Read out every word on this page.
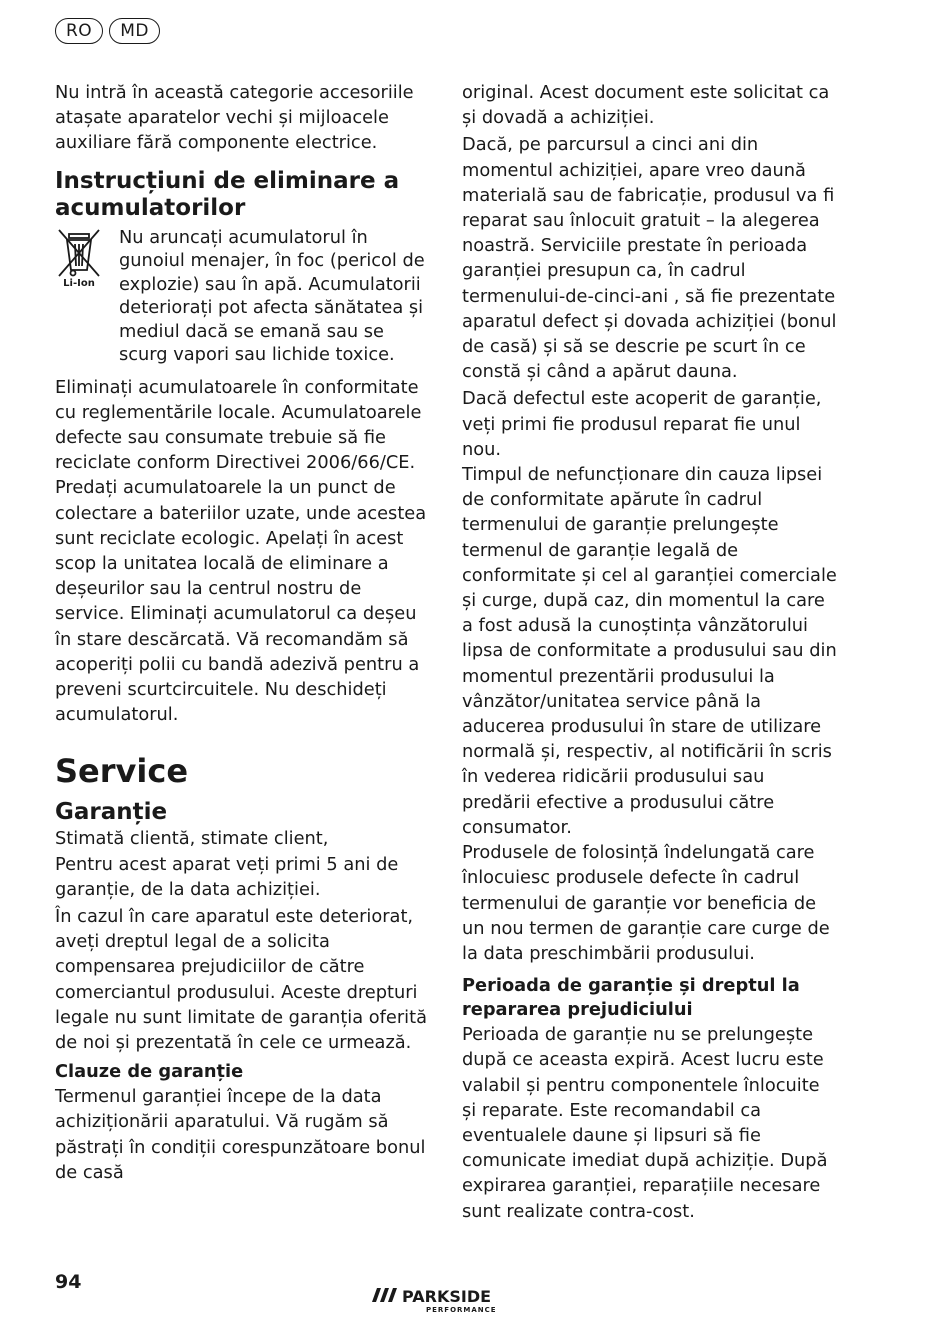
RO	MD

Nu intră în această categorie accesoriile atașate aparatelor vechi și mijloacele auxiliare fără componente electrice.

Instrucțiuni de eliminare a
acumulatorilor
Li-Ion

Nu aruncați acumulatorul în gunoiul menajer, în foc (pericol de explozie) sau în apă. Acumulatorii deteriorați pot afecta sănătatea și mediul dacă se emană sau se scurg vapori sau lichide toxice.

Eliminați acumulatoarele în conformitate cu reglementările locale. Acumulatoarele defecte sau consumate trebuie să fie reciclate conform Directivei 2006/66/CE. Predați acumulatoarele la un punct de colectare a bateriilor uzate, unde acestea sunt reciclate ecologic. Apelați în acest scop la unitatea locală de eliminare a deșeurilor sau la centrul nostru de service. Eliminați acumulatorul ca deșeu în stare descărcată. Vă recomandăm să acoperiți polii cu bandă adezivă pentru a preveni scurtcircuitele. Nu deschideți acumulatorul.

Service
Garanție

Stimată clientă, stimate client,

Pentru acest aparat veți primi 5 ani de garanție, de la data achiziției.

În cazul în care aparatul este deteriorat, aveți dreptul legal de a solicita compensarea prejudiciilor de către comerciantul produsului. Aceste drepturi legale nu sunt limitate de garanția oferită de noi și prezentată în cele ce urmează.

Clauze de garanție

Termenul garanției începe de la data achiziționării aparatului. Vă rugăm să păstrați în condiții corespunzătoare bonul de casă

original. Acest document este solicitat ca și dovadă a achiziției.

Dacă, pe parcursul a cinci ani din momentul achiziției, apare vreo daună materială sau de fabricație, produsul va fi reparat sau înlocuit gratuit – la alegerea noastră. Serviciile prestate în perioada garanției presupun ca, în cadrul termenului-de-cinci-ani , să fie prezentate aparatul defect și dovada achiziției (bonul de casă) și să se descrie pe scurt în ce constă și când a apărut dauna.

Dacă defectul este acoperit de garanție, veți primi fie produsul reparat fie unul nou.

Timpul de nefuncționare din cauza lipsei de conformitate apărute în cadrul termenului de garanție prelungește termenul de garanție legală de conformitate și cel al garanției comerciale și curge, după caz, din momentul la care a fost adusă la cunoștința vânzătorului lipsa de conformitate a produsului sau din momentul prezentării produsului la vânzător/unitatea service până la aducerea produsului în stare de utilizare normală și, respectiv, al notificării în scris în vederea ridicării produsului sau predării efective a produsului către consumator.

Produsele de folosință îndelungată care înlocuiesc produsele defecte în cadrul termenului de garanție vor beneficia de un nou termen de garanție care curge de la data preschimbării produsului.

Perioada de garanție și dreptul la
repararea prejudiciului

Perioada de garanție nu se prelungește după ce aceasta expiră. Acest lucru este valabil și pentru componentele înlocuite și reparate. Este recomandabil ca eventualele daune și lipsuri să fie comunicate imediat după achiziție. După expirarea garanției, reparațiile necesare sunt realizate contra-cost.

94
PARKSIDE
PERFORMANCE
